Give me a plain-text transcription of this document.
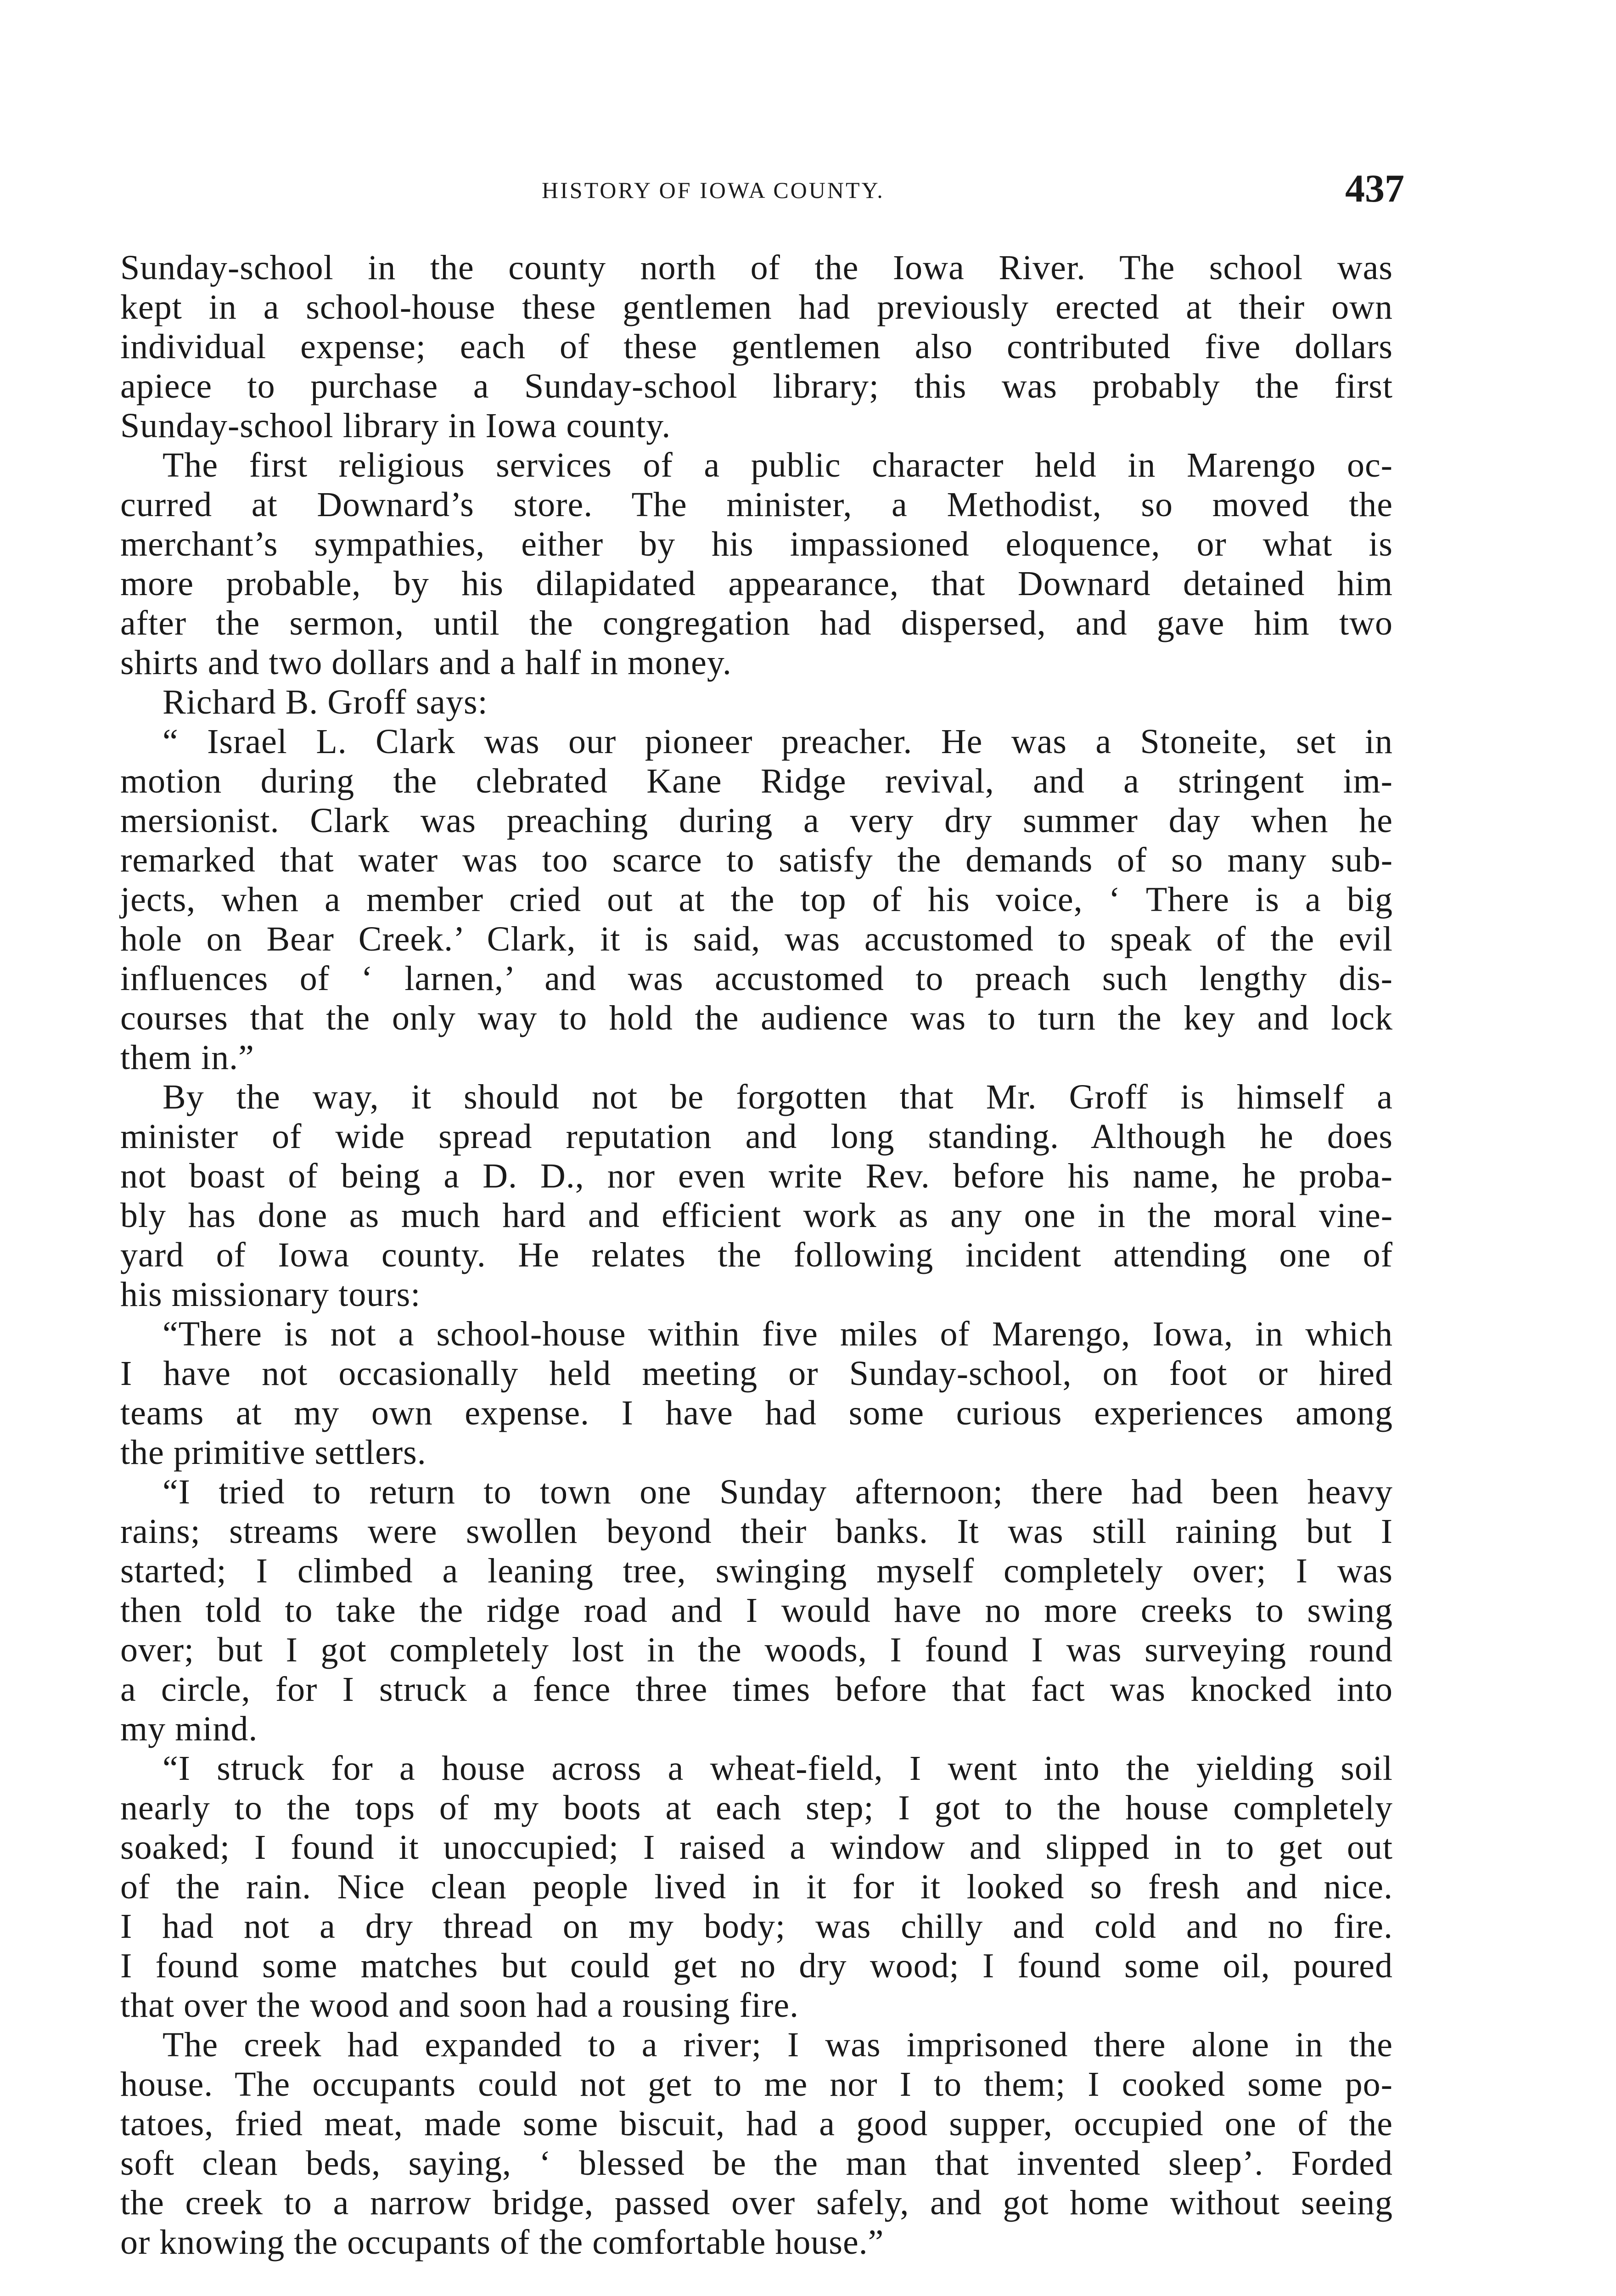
HISTORY OF IOWA COUNTY.	437
Sunday-school in the county north of the Iowa River. The school was
kept in a school-house these gentlemen had previously erected at their own
individual expense; each of these gentlemen also contributed five dollars
apiece to purchase a Sunday-school library; this was probably the first
Sunday-school library in Iowa county.
The first religious services of a public character held in Marengo oc-
curred at Downard’s store. The minister, a Methodist, so moved the
merchant’s sympathies, either by his impassioned eloquence, or what is
more probable, by his dilapidated appearance, that Downard detained him
after the sermon, until the congregation had dispersed, and gave him two
shirts and two dollars and a half in money.
Richard B. Groff says:
“ Israel L. Clark was our pioneer preacher. He was a Stoneite, set in
motion during the clebrated Kane Ridge revival, and a stringent im-
mersionist. Clark was preaching during a very dry summer day when he
remarked that water was too scarce to satisfy the demands of so many sub-
jects, when a member cried out at the top of his voice, ‘ There is a big
hole on Bear Creek.’ Clark, it is said, was accustomed to speak of the evil
influences of ‘ larnen,’ and was accustomed to preach such lengthy dis-
courses that the only way to hold the audience was to turn the key and lock
them in.”
By the way, it should not be forgotten that Mr. Groff is himself a
minister of wide spread reputation and long standing. Although he does
not boast of being a D. D., nor even write Rev. before his name, he proba-
bly has done as much hard and efficient work as any one in the moral vine-
yard of Iowa county. He relates the following incident attending one of
his missionary tours:
“There is not a school-house within five miles of Marengo, Iowa, in which
I have not occasionally held meeting or Sunday-school, on foot or hired
teams at my own expense. I have had some curious experiences among
the primitive settlers.
“I tried to return to town one Sunday afternoon; there had been heavy
rains; streams were swollen beyond their banks. It was still raining but I
started; I climbed a leaning tree, swinging myself completely over; I was
then told to take the ridge road and I would have no more creeks to swing
over; but I got completely lost in the woods, I found I was surveying round
a circle, for I struck a fence three times before that fact was knocked into
my mind.
“I struck for a house across a wheat-field, I went into the yielding soil
nearly to the tops of my boots at each step; I got to the house completely
soaked; I found it unoccupied; I raised a window and slipped in to get out
of the rain. Nice clean people lived in it for it looked so fresh and nice.
I had not a dry thread on my body; was chilly and cold and no fire.
I found some matches but could get no dry wood; I found some oil, poured
that over the wood and soon had a rousing fire.
The creek had expanded to a river; I was imprisoned there alone in the
house. The occupants could not get to me nor I to them; I cooked some po-
tatoes, fried meat, made some biscuit, had a good supper, occupied one of the
soft clean beds, saying, ‘ blessed be the man that invented sleep’. Forded
the creek to a narrow bridge, passed over safely, and got home without seeing
or knowing the occupants of the comfortable house.”
